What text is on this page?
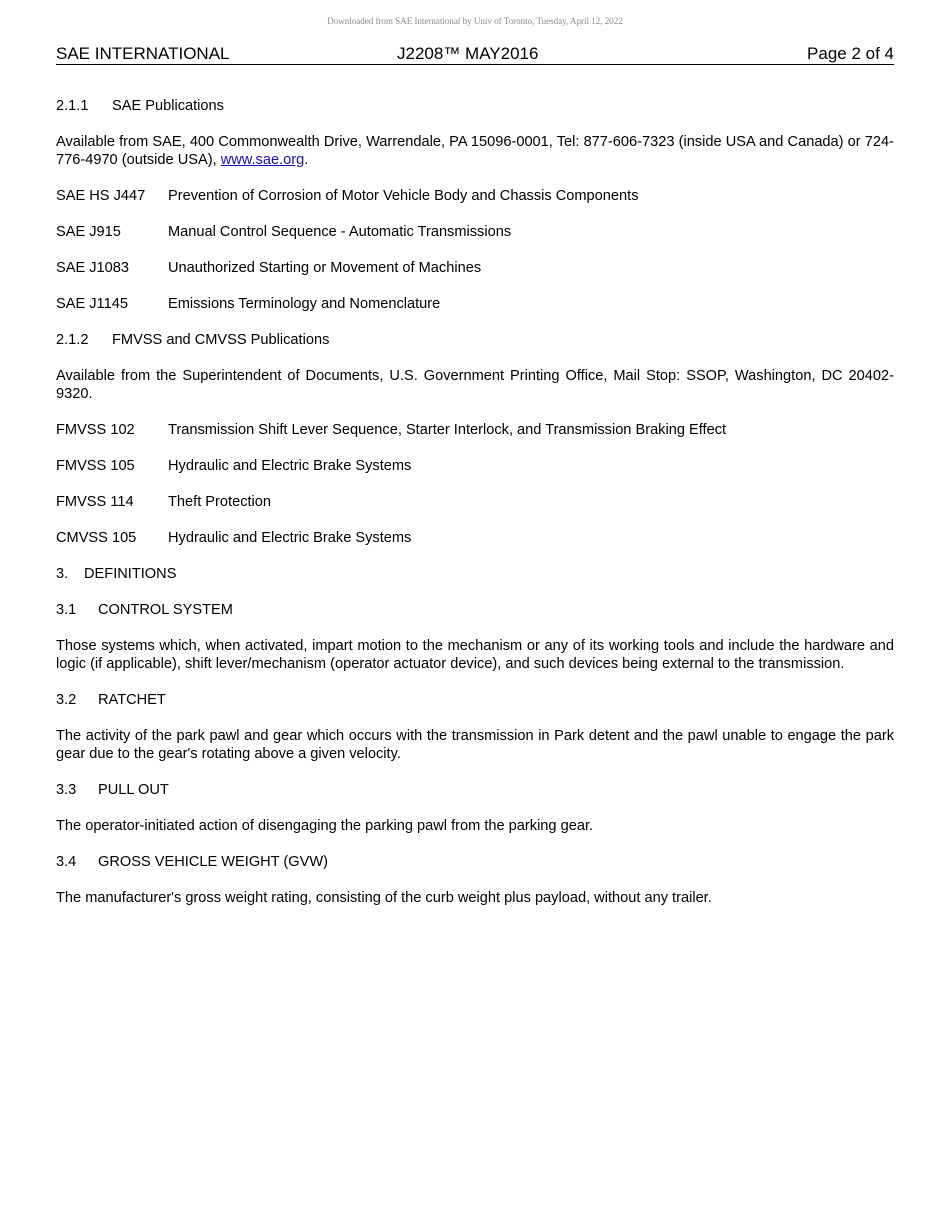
Downloaded from SAE International by Univ of Toronto, Tuesday, April 12, 2022
SAE INTERNATIONAL	J2208™ MAY2016	Page 2 of 4
2.1.1 SAE Publications
Available from SAE, 400 Commonwealth Drive, Warrendale, PA 15096-0001, Tel: 877-606-7323 (inside USA and Canada) or 724-776-4970 (outside USA), www.sae.org.
SAE HS J447	Prevention of Corrosion of Motor Vehicle Body and Chassis Components
SAE J915	Manual Control Sequence - Automatic Transmissions
SAE J1083	Unauthorized Starting or Movement of Machines
SAE J1145	Emissions Terminology and Nomenclature
2.1.2 FMVSS and CMVSS Publications
Available from the Superintendent of Documents, U.S. Government Printing Office, Mail Stop: SSOP, Washington, DC 20402-9320.
FMVSS 102	Transmission Shift Lever Sequence, Starter Interlock, and Transmission Braking Effect
FMVSS 105	Hydraulic and Electric Brake Systems
FMVSS 114	Theft Protection
CMVSS 105	Hydraulic and Electric Brake Systems
3. DEFINITIONS
3.1 CONTROL SYSTEM
Those systems which, when activated, impart motion to the mechanism or any of its working tools and include the hardware and logic (if applicable), shift lever/mechanism (operator actuator device), and such devices being external to the transmission.
3.2 RATCHET
The activity of the park pawl and gear which occurs with the transmission in Park detent and the pawl unable to engage the park gear due to the gear's rotating above a given velocity.
3.3 PULL OUT
The operator-initiated action of disengaging the parking pawl from the parking gear.
3.4 GROSS VEHICLE WEIGHT (GVW)
The manufacturer's gross weight rating, consisting of the curb weight plus payload, without any trailer.
